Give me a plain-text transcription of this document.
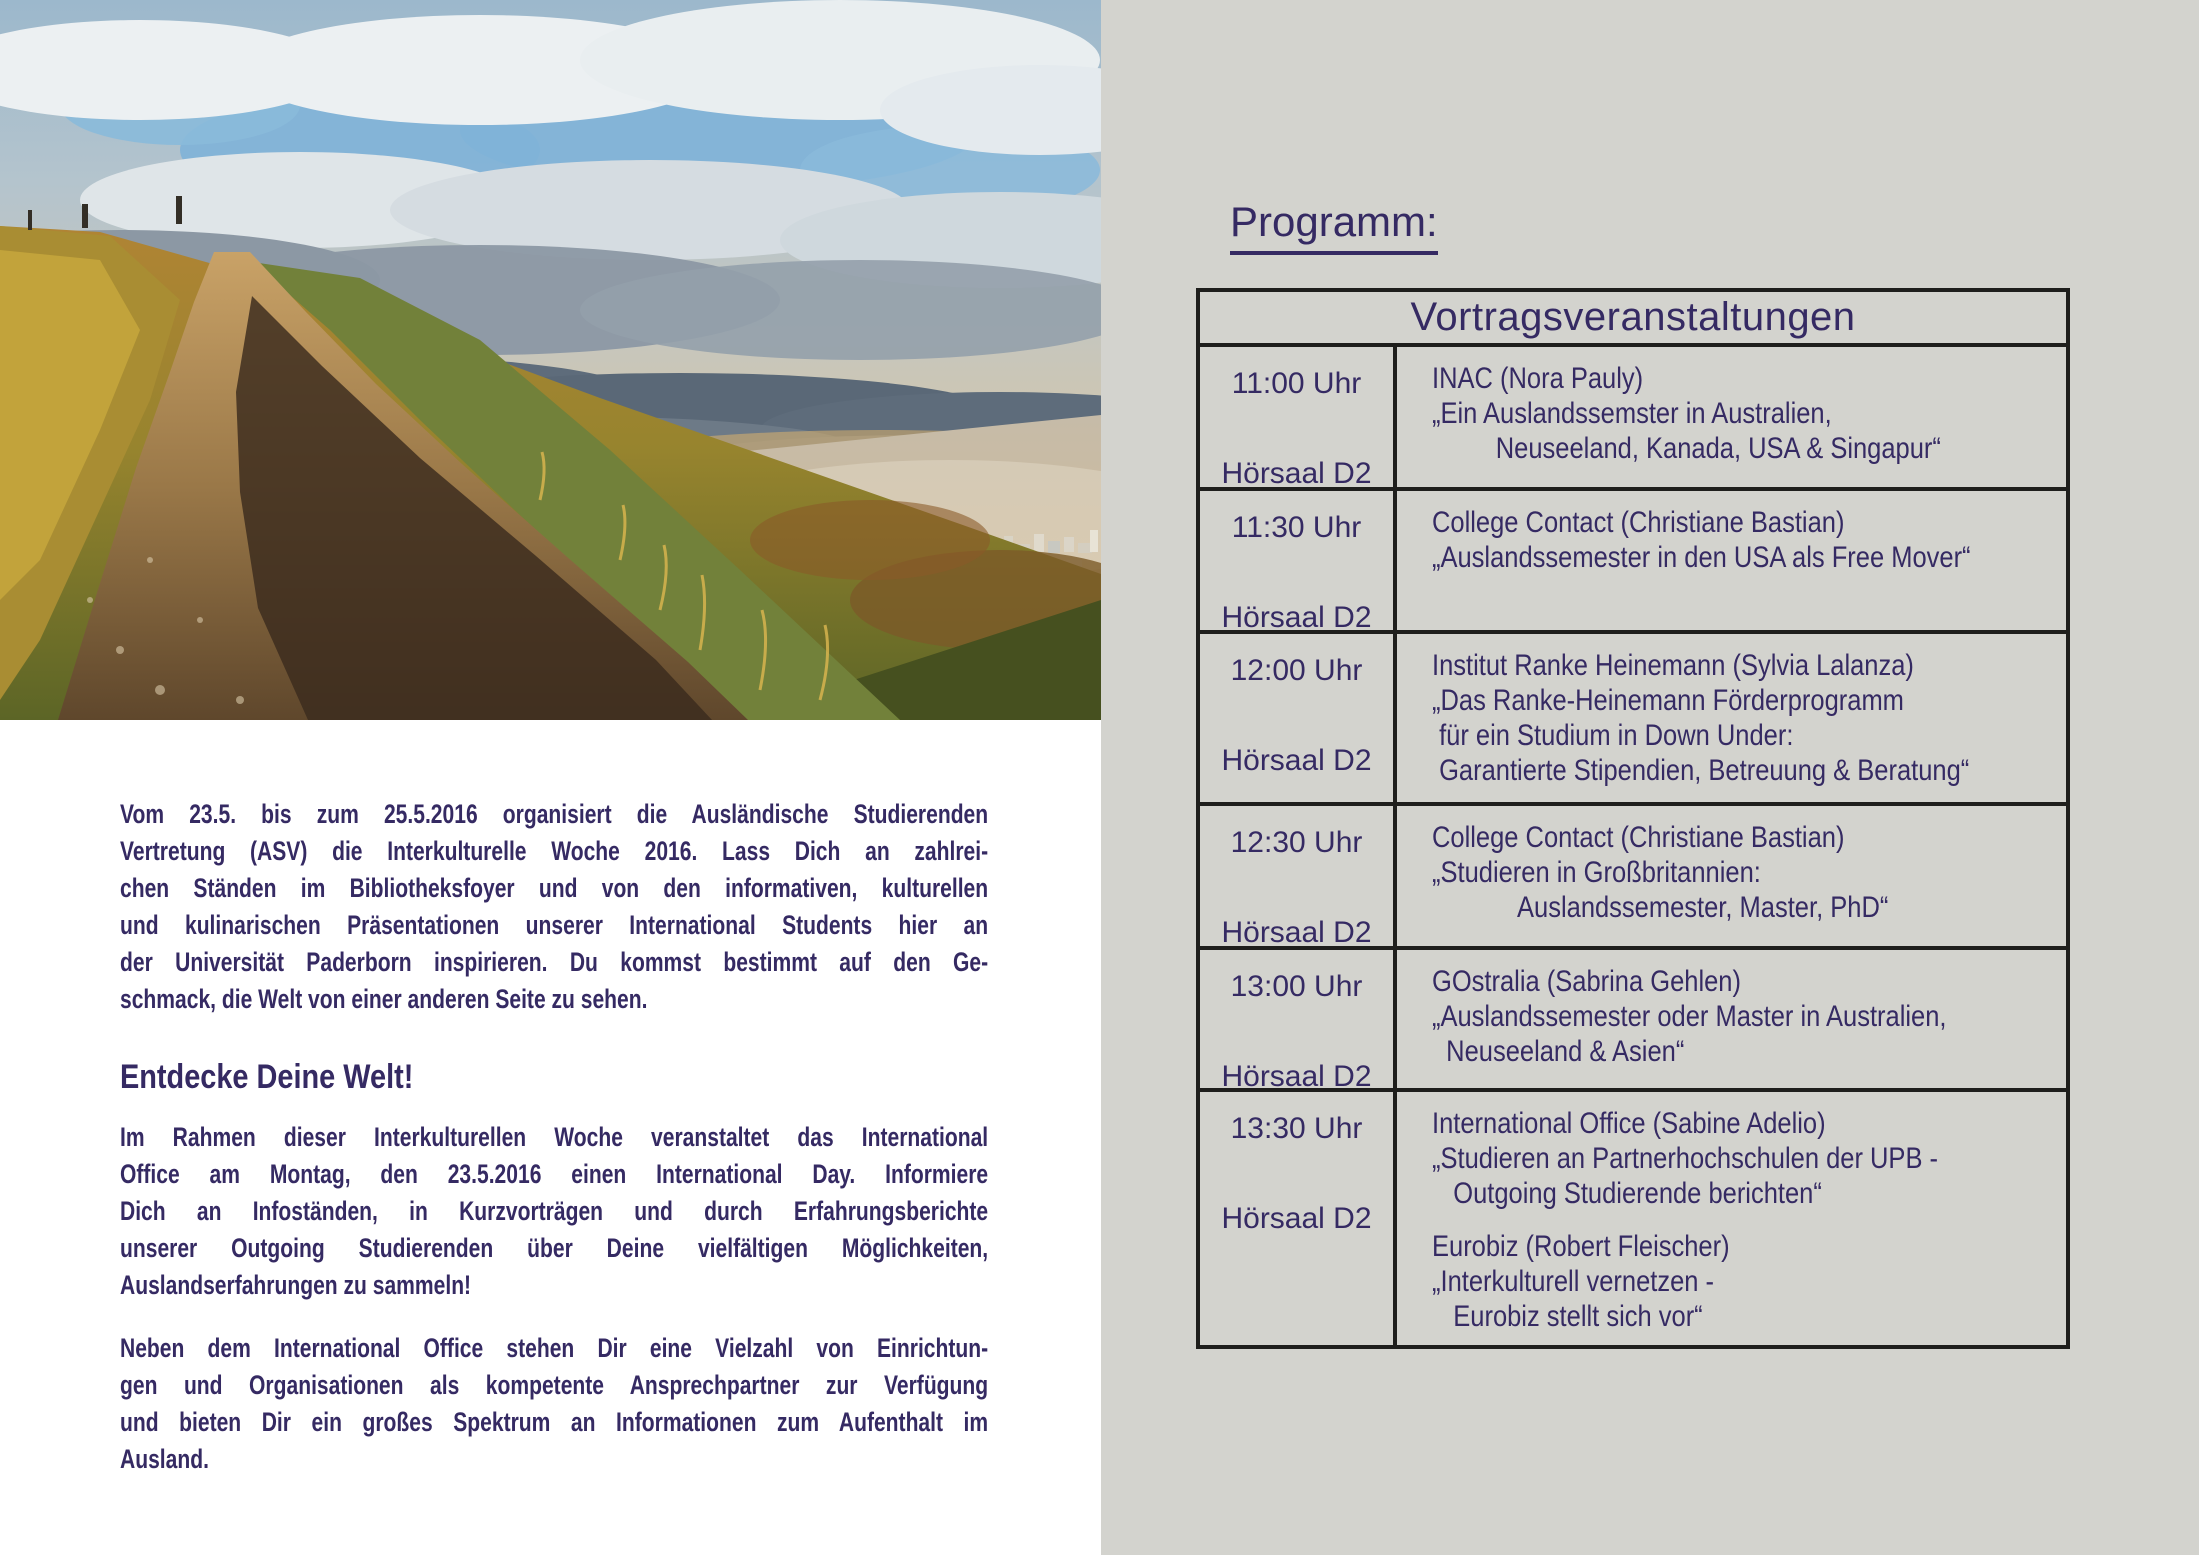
Vom 23.5. bis zum 25.5.2016 organisiert die Ausländische Studierenden
Vertretung (ASV) die Interkulturelle Woche 2016. Lass Dich an zahlrei-
chen Ständen im Bibliotheksfoyer und von den informativen, kulturellen
und kulinarischen Präsentationen unserer International Students hier an
der Universität Paderborn inspirieren. Du kommst bestimmt auf den Ge-
schmack, die Welt von einer anderen Seite zu sehen.
Entdecke Deine Welt!
Im Rahmen dieser Interkulturellen Woche veranstaltet das International
Office am Montag, den 23.5.2016 einen International Day. Informiere
Dich an Infoständen, in Kurzvorträgen und durch Erfahrungsberichte
unserer Outgoing Studierenden über Deine vielfältigen Möglichkeiten,
Auslandserfahrungen zu sammeln!
Neben dem International Office stehen Dir eine Vielzahl von Einrichtun-
gen und Organisationen als kompetente Ansprechpartner zur Verfügung
und bieten Dir ein großes Spektrum an Informationen zum Aufenthalt im
Ausland.
Programm:
Vortragsveranstaltungen
11:00 Uhr
Hörsaal D2
INAC (Nora Pauly)
„Ein Auslandssemster in Australien,
Neuseeland, Kanada, USA & Singapur“
11:30 Uhr
Hörsaal D2
College Contact (Christiane Bastian)
„Auslandssemester in den USA als Free Mover“
12:00 Uhr
Hörsaal D2
Institut Ranke Heinemann (Sylvia Lalanza)
„Das Ranke-Heinemann Förderprogramm
für ein Studium in Down Under:
Garantierte Stipendien, Betreuung & Beratung“
12:30 Uhr
Hörsaal D2
College Contact (Christiane Bastian)
„Studieren in Großbritannien:
Auslandssemester, Master, PhD“
13:00 Uhr
Hörsaal D2
GOstralia (Sabrina Gehlen)
„Auslandssemester oder Master in Australien,
Neuseeland & Asien“
13:30 Uhr
Hörsaal D2
International Office (Sabine Adelio)
„Studieren an Partnerhochschulen der UPB -
Outgoing Studierende berichten“
Eurobiz (Robert Fleischer)
„Interkulturell vernetzen -
Eurobiz stellt sich vor“
